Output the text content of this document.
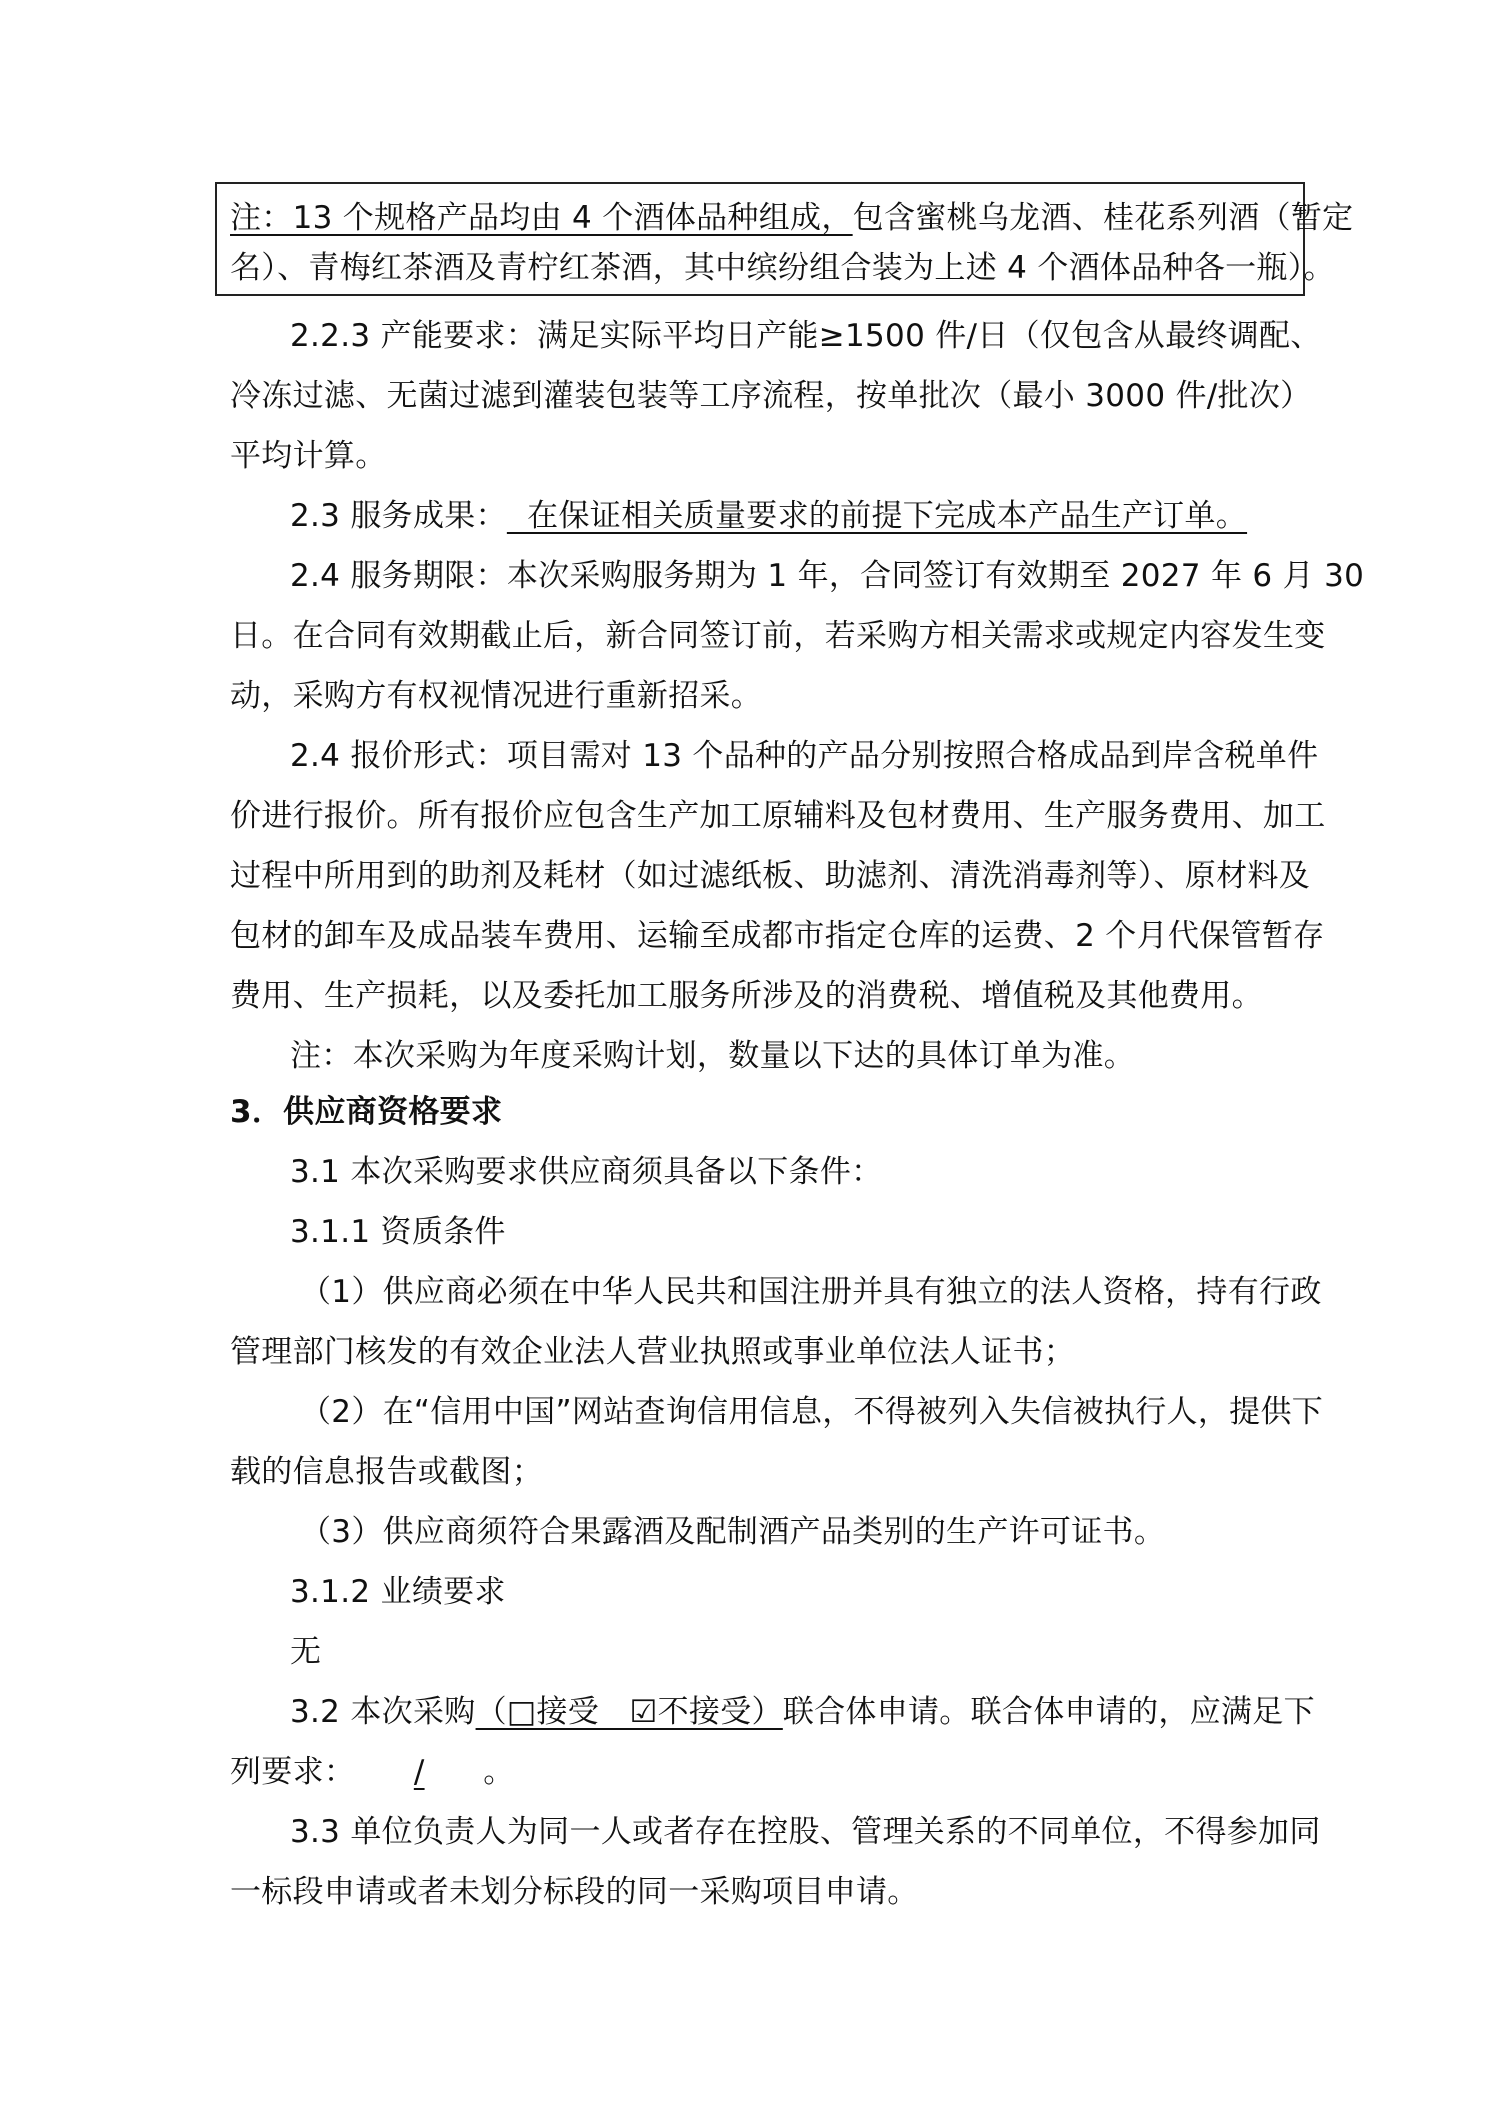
注：13 个规格产品均由 4 个酒体品种组成，包含蜜桃乌龙酒、桂花系列酒（暂定
名）、青梅红茶酒及青柠红茶酒，其中缤纷组合装为上述 4 个酒体品种各一瓶）。
2.2.3 产能要求：满足实际平均日产能≥1500 件/日（仅包含从最终调配、
冷冻过滤、无菌过滤到灌装包装等工序流程，按单批次（最小 3000 件/批次）
平均计算。
2.3 服务成果：  在保证相关质量要求的前提下完成本产品生产订单。
2.4 服务期限：本次采购服务期为 1 年，合同签订有效期至 2027 年 6 月 30
日。在合同有效期截止后，新合同签订前，若采购方相关需求或规定内容发生变
动，采购方有权视情况进行重新招采。
2.4 报价形式：项目需对 13 个品种的产品分别按照合格成品到岸含税单件
价进行报价。所有报价应包含生产加工原辅料及包材费用、生产服务费用、加工
过程中所用到的助剂及耗材（如过滤纸板、助滤剂、清洗消毒剂等）、原材料及
包材的卸车及成品装车费用、运输至成都市指定仓库的运费、2 个月代保管暂存
费用、生产损耗，以及委托加工服务所涉及的消费税、增值税及其他费用。
注：本次采购为年度采购计划，数量以下达的具体订单为准。
3．供应商资格要求
3.1 本次采购要求供应商须具备以下条件：
3.1.1 资质条件
（1）供应商必须在中华人民共和国注册并具有独立的法人资格，持有行政
管理部门核发的有效企业法人营业执照或事业单位法人证书；
（2）在“信用中国”网站查询信用信息，不得被列入失信被执行人，提供下
载的信息报告或截图；
（3）供应商须符合果露酒及配制酒产品类别的生产许可证书。
3.1.2 业绩要求
无
3.2 本次采购（□接受   ☑不接受）联合体申请。联合体申请的，应满足下
列要求： / 。
3.3 单位负责人为同一人或者存在控股、管理关系的不同单位，不得参加同
一标段申请或者未划分标段的同一采购项目申请。
